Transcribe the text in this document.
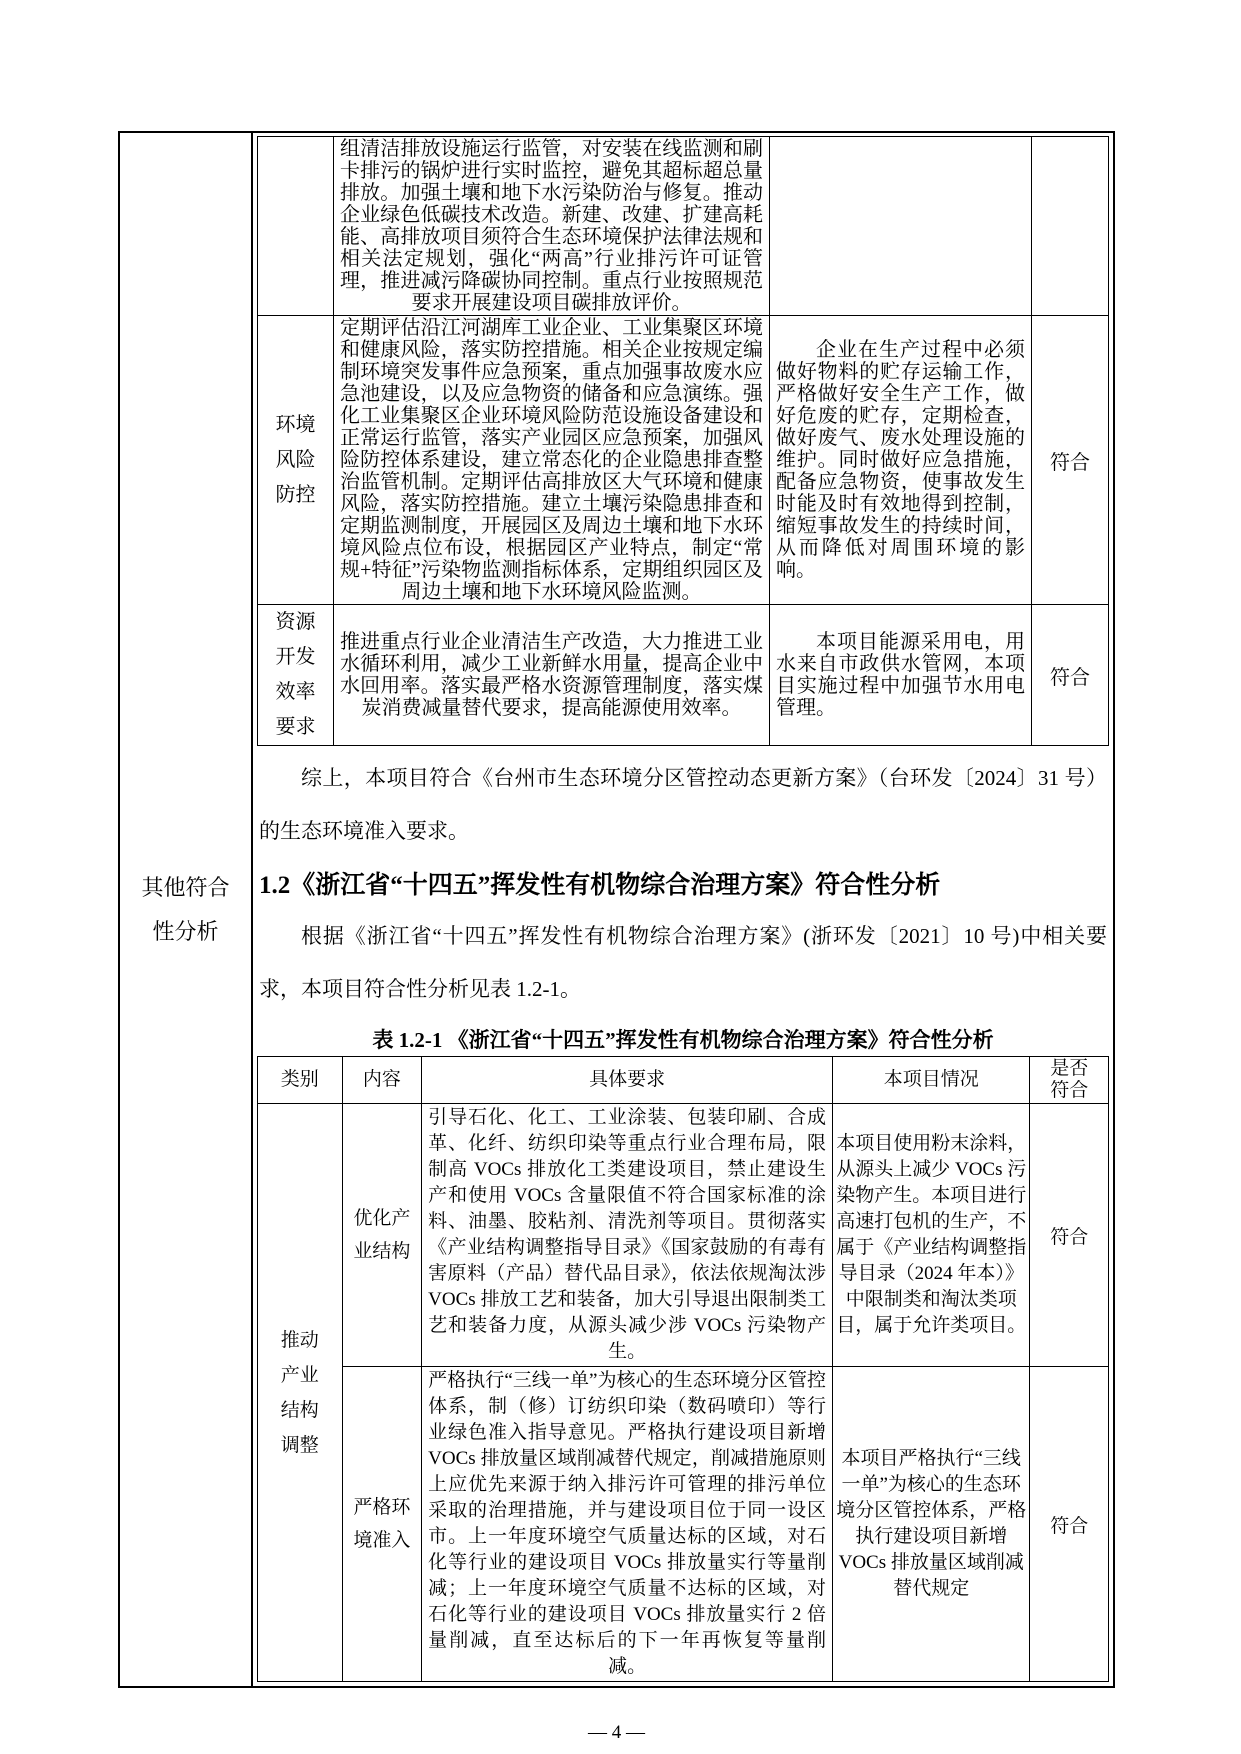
其他符合性分析
	组清洁排放设施运行监管，对安装在线监测和刷卡排污的锅炉进行实时监控，避免其超标超总量排放。加强土壤和地下水污染防治与修复。推动企业绿色低碳技术改造。新建、改建、扩建高耗能、高排放项目须符合生态环境保护法律法规和相关法定规划，强化“两高”行业排污许可证管理，推进减污降碳协同控制。重点行业按照规范要求开展建设项目碳排放评价。		
环境风险防控	定期评估沿江河湖库工业企业、工业集聚区环境和健康风险，落实防控措施。相关企业按规定编制环境突发事件应急预案，重点加强事故废水应急池建设，以及应急物资的储备和应急演练。强化工业集聚区企业环境风险防范设施设备建设和正常运行监管，落实产业园区应急预案，加强风险防控体系建设，建立常态化的企业隐患排查整治监管机制。定期评估高排放区大气环境和健康风险，落实防控措施。建立土壤污染隐患排查和定期监测制度，开展园区及周边土壤和地下水环境风险点位布设，根据园区产业特点，制定“常规+特征”污染物监测指标体系，定期组织园区及周边土壤和地下水环境风险监测。	企业在生产过程中必须做好物料的贮存运输工作，严格做好安全生产工作，做好危废的贮存，定期检查，做好废气、废水处理设施的维护。同时做好应急措施，配备应急物资，使事故发生时能及时有效地得到控制，缩短事故发生的持续时间，从而降低对周围环境的影响。	符合
资源开发效率要求	推进重点行业企业清洁生产改造，大力推进工业水循环利用，减少工业新鲜水用量，提高企业中水回用率。落实最严格水资源管理制度，落实煤炭消费减量替代要求，提高能源使用效率。	本项目能源采用电，用水来自市政供水管网，本项目实施过程中加强节水用电管理。	符合

综上，本项目符合《台州市生态环境分区管控动态更新方案》（台环发〔2024〕31 号）的生态环境准入要求。

1.2《浙江省“十四五”挥发性有机物综合治理方案》符合性分析

根据《浙江省“十四五”挥发性有机物综合治理方案》(浙环发〔2021〕10 号)中相关要求，本项目符合性分析见表 1.2-1。

表 1.2-1 《浙江省“十四五”挥发性有机物综合治理方案》符合性分析

类别	内容	具体要求	本项目情况	是否符合
推动产业结构调整	优化产业结构	引导石化、化工、工业涂装、包装印刷、合成革、化纤、纺织印染等重点行业合理布局，限制高 VOCs 排放化工类建设项目，禁止建设生产和使用 VOCs 含量限值不符合国家标准的涂料、油墨、胶粘剂、清洗剂等项目。贯彻落实《产业结构调整指导目录》《国家鼓励的有毒有害原料（产品）替代品目录》，依法依规淘汰涉 VOCs 排放工艺和装备，加大引导退出限制类工艺和装备力度，从源头减少涉 VOCs 污染物产生。	本项目使用粉末涂料，从源头上减少 VOCs 污染物产生。本项目进行高速打包机的生产，不属于《产业结构调整指导目录（2024 年本）》中限制类和淘汰类项目，属于允许类项目。	符合
	严格环境准入	严格执行“三线一单”为核心的生态环境分区管控体系，制（修）订纺织印染（数码喷印）等行业绿色准入指导意见。严格执行建设项目新增 VOCs 排放量区域削减替代规定，削减措施原则上应优先来源于纳入排污许可管理的排污单位采取的治理措施，并与建设项目位于同一设区市。上一年度环境空气质量达标的区域，对石化等行业的建设项目 VOCs 排放量实行等量削减；上一年度环境空气质量不达标的区域，对石化等行业的建设项目 VOCs 排放量实行 2 倍量削减，直至达标后的下一年再恢复等量削减。	本项目严格执行“三线一单”为核心的生态环境分区管控体系，严格执行建设项目新增 VOCs 排放量区域削减替代规定	符合
— 4 —
